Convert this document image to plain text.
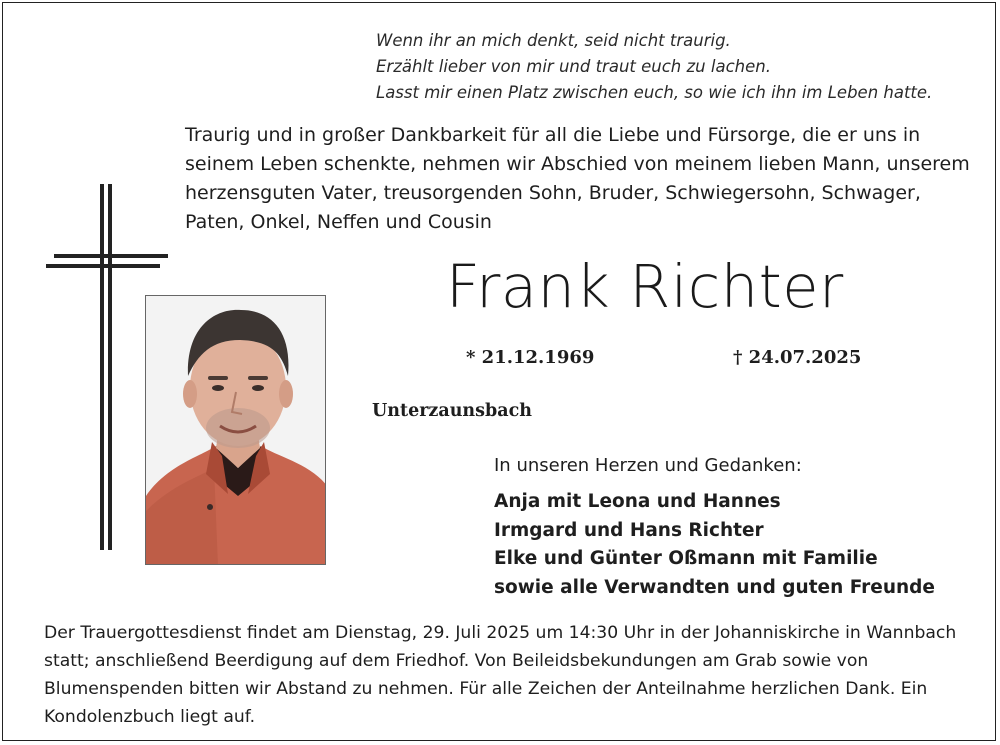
Wenn ihr an mich denkt, seid nicht traurig.
Erzählt lieber von mir und traut euch zu lachen.
Lasst mir einen Platz zwischen euch, so wie ich ihn im Leben hatte.
Traurig und in großer Dankbarkeit für all die Liebe und Fürsorge, die er uns in seinem Leben schenkte, nehmen wir Abschied von meinem lieben Mann, unserem herzensguten Vater, treusorgenden Sohn, Bruder, Schwiegersohn, Schwager, Paten, Onkel, Neffen und Cousin
Frank Richter
* 21.12.1969	† 24.07.2025
Unterzaunsbach
In unseren Herzen und Gedanken:
Anja mit Leona und Hannes
Irmgard und Hans Richter
Elke und Günter Oßmann mit Familie
sowie alle Verwandten und guten Freunde
Der Trauergottesdienst findet am Dienstag, 29. Juli 2025 um 14:30 Uhr in der Johanniskirche in Wannbach statt; anschließend Beerdigung auf dem Friedhof. Von Beileidsbekundungen am Grab sowie von Blumenspenden bitten wir Abstand zu nehmen. Für alle Zeichen der Anteilnahme herzlichen Dank. Ein Kondolenzbuch liegt auf.
